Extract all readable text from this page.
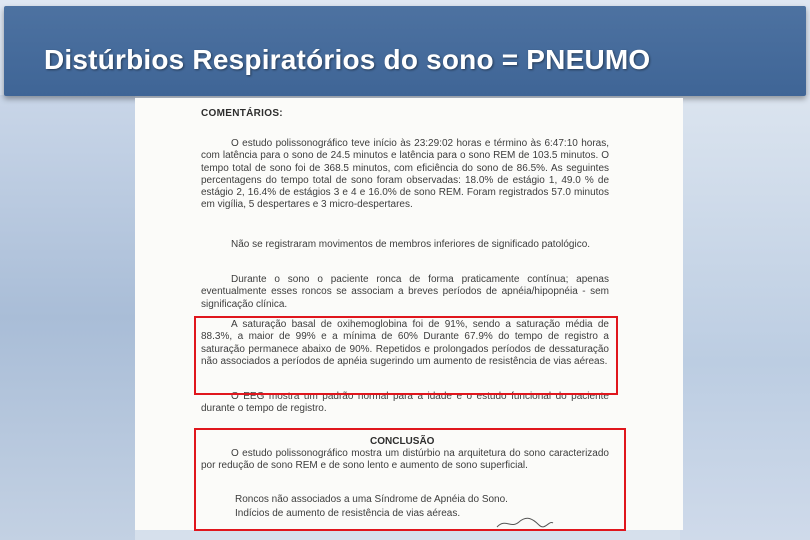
Distúrbios Respiratórios do sono = PNEUMO
COMENTÁRIOS:
O estudo polissonográfico teve início às 23:29:02 horas e término às 6:47:10 horas, com latência para o sono de 24.5 minutos e latência para o sono REM de 103.5 minutos. O tempo total de sono foi de 368.5 minutos, com eficiência do sono de 86.5%. As seguintes percentagens do tempo total de sono foram observadas: 18.0% de estágio 1, 49.0 % de estágio 2, 16.4% de estágios 3 e 4 e 16.0% de sono REM. Foram registrados 57.0 minutos em vigília, 5 despertares e 3 micro-despertares.
Não se registraram movimentos de membros inferiores de significado patológico.
Durante o sono o paciente ronca de forma praticamente contínua; apenas eventualmente esses roncos se associam a breves períodos de apnéia/hipopnéia - sem significação clínica.
A saturação basal de oxihemoglobina foi de 91%, sendo a saturação média de 88.3%, a maior de 99% e a mínima de 60% Durante 67.9% do tempo de registro a saturação permanece abaixo de 90%. Repetidos e prolongados períodos de dessaturação não associados a períodos de apnéia sugerindo um aumento de resistência de vias aéreas.
O EEG mostra um padrão normal para a idade e o estudo funcional do paciente durante o tempo de registro.
CONCLUSÃO
O estudo polissonográfico mostra um distúrbio na arquitetura do sono caracterizado por redução de sono REM e de sono lento e aumento de sono superficial.
Roncos não associados a uma Síndrome de Apnéia do Sono.
Indícios de aumento de resistência de vias aéreas.
